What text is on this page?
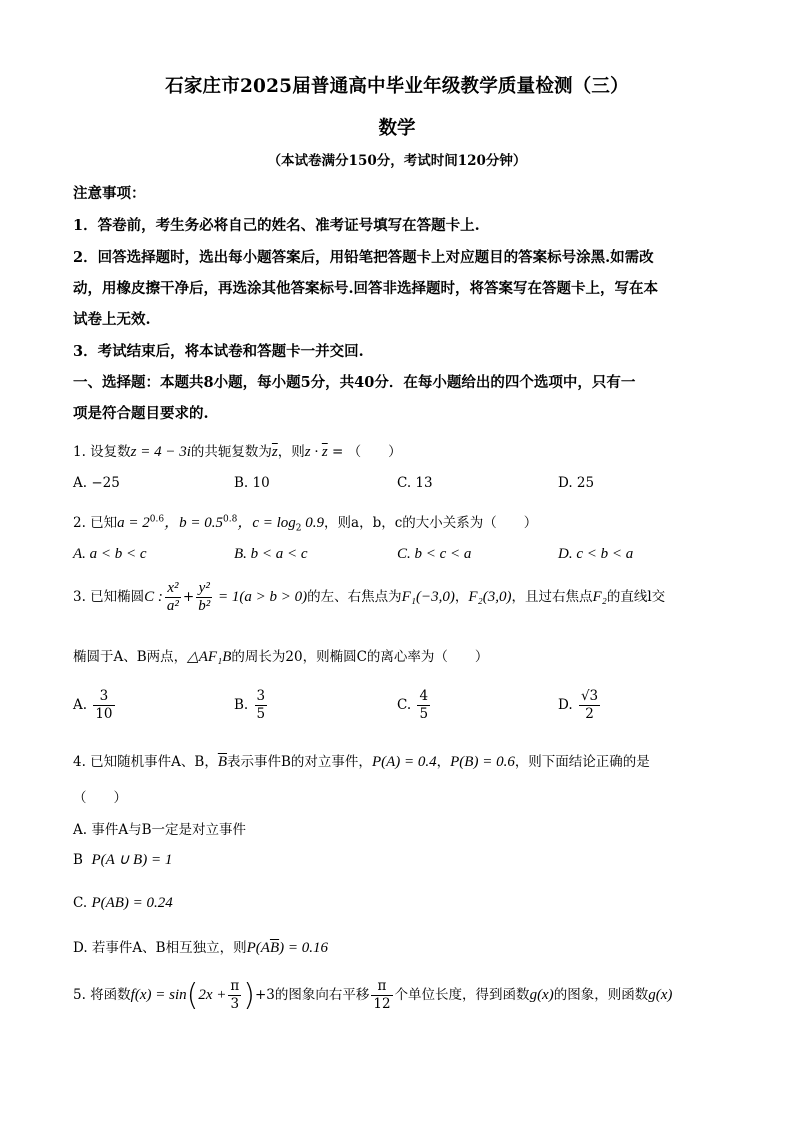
石家庄市2025届普通高中毕业年级教学质量检测（三）
数学
（本试卷满分150分，考试时间120分钟）
注意事项：
1．答卷前，考生务必将自己的姓名、准考证号填写在答题卡上.
2．回答选择题时，选出每小题答案后，用铅笔把答题卡上对应题目的答案标号涂黑.如需改
动，用橡皮擦干净后，再选涂其他答案标号.回答非选择题时，将答案写在答题卡上，写在本
试卷上无效.
3．考试结束后，将本试卷和答题卡一并交回.
一、选择题：本题共8小题，每小题5分，共40分．在每小题给出的四个选项中，只有一
项是符合题目要求的.
1. 设复数z = 4 − 3i的共轭复数为$\overline{z}$，则$z \cdot \overline{z}$ = （　　）
A. −25	B. 10	C. 13	D. 25
2. 已知$a = 2^{0.6}$，$b = 0.5^{0.8}$，$c = \log_2 0.9$，则a，b，c的大小关系为（　　）
A. a < b < c	B. b < a < c	C. b < c < a	D. c < b < a
3. 已知椭圆C : $\frac{\text{x²}}{\text{a²}} + \frac{\text{y²}}{\text{b²}} = 1(a > b > 0)$的左、右焦点为F₁(−3,0)，F₂(3,0)，且过右焦点F₂的直线l交
椭圆于A、B两点，△AF₁B的周长为20，则椭圆C的离心率为（　　）
A. $\frac{3}{10}$	B. $\frac{3}{5}$	C. $\frac{4}{5}$	D. $\frac{√3}{2}$
4. 已知随机事件A、B，$\overline{B}$表示事件B的对立事件，P(A) = 0.4，P(B) = 0.6，则下面结论正确的是
（　　）
A. 事件A与B一定是对立事件
B P(A ∪ B) = 1
C. P(AB) = 0.24
D. 若事件A、B相互独立，则$P(A\overline{B}) = 0.16$
5. 将函数$f(x) = \sin(2x + \frac{\pi}{3} )+3$的图象向右平移 $\frac{\pi}{12}$ 个单位长度，得到函数g(x)的图象，则函数g(x)
